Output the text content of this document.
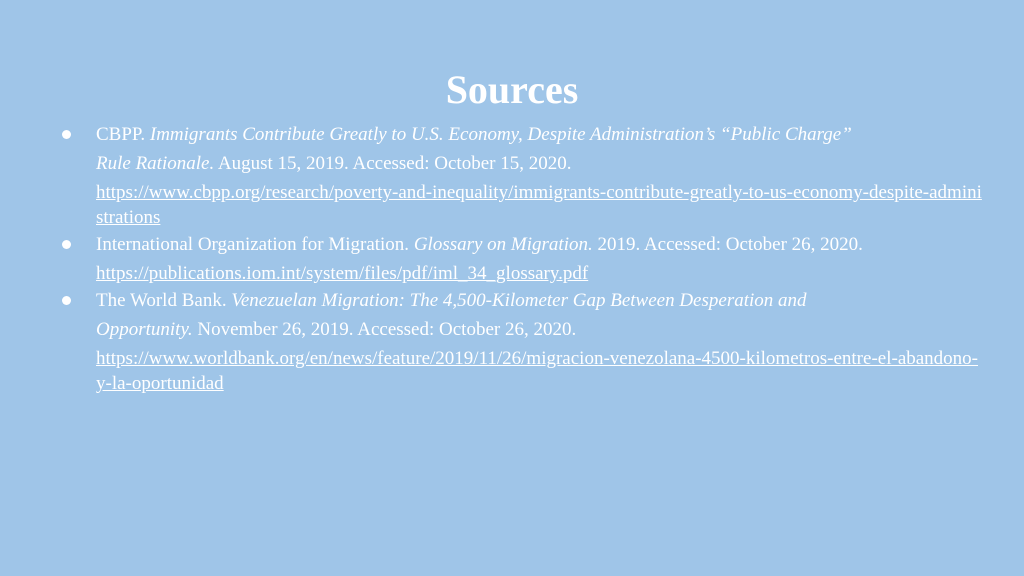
Sources
CBPP. Immigrants Contribute Greatly to U.S. Economy, Despite Administration’s “Public Charge”
Rule Rationale. August 15, 2019. Accessed: October 15, 2020.
https://www.cbpp.org/research/poverty-and-inequality/immigrants-contribute-greatly-to-us-economy-despite-administrations
International Organization for Migration. Glossary on Migration. 2019. Accessed: October 26, 2020.
https://publications.iom.int/system/files/pdf/iml_34_glossary.pdf
The World Bank. Venezuelan Migration: The 4,500-Kilometer Gap Between Desperation and
Opportunity. November 26, 2019. Accessed: October 26, 2020.
https://www.worldbank.org/en/news/feature/2019/11/26/migracion-venezolana-4500-kilometros-entre-el-abandono-y-la-oportunidad
